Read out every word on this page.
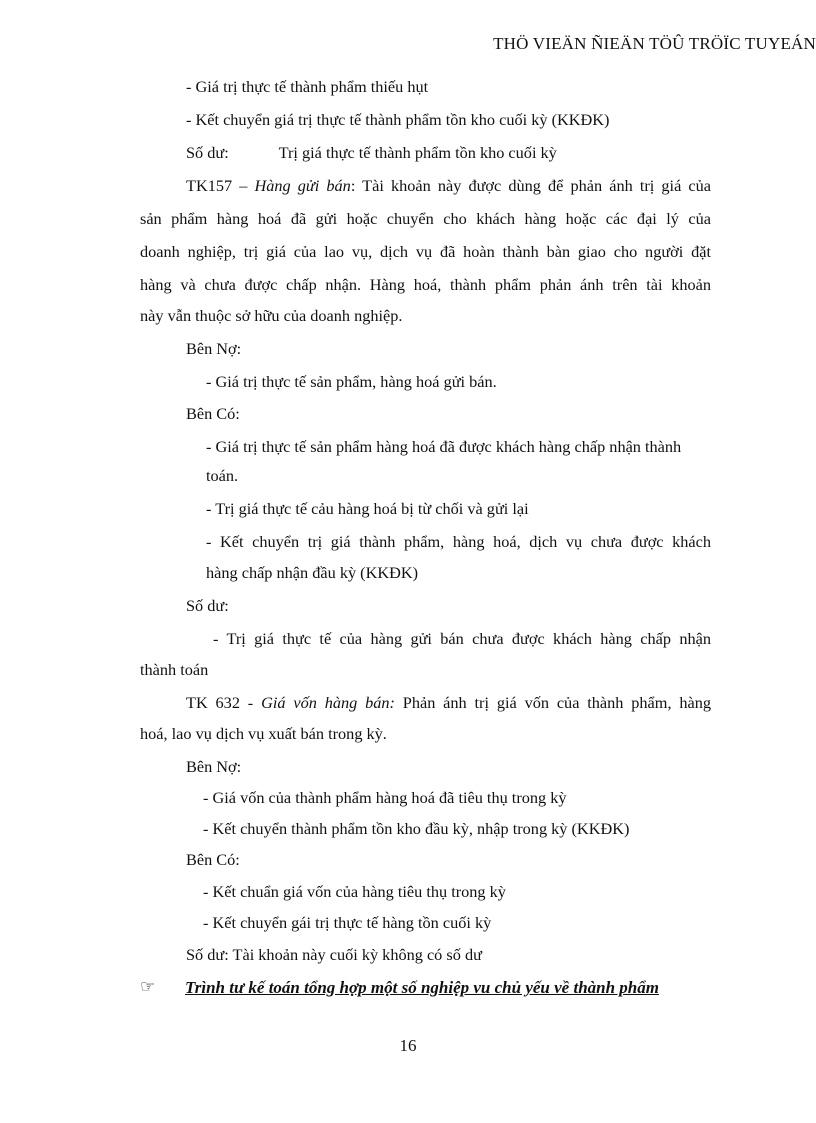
THÖ VIEÄN ÑIEÄN TÖÛ TRÖÏC TUYEÁN
- Giá trị thực tế thành phẩm thiếu hụt
- Kết chuyển giá trị thực tế thành phẩm tồn kho cuối kỳ (KKĐK)
Số dư:	Trị giá thực tế thành phẩm tồn kho cuối kỳ
TK157 – Hàng gửi bán: Tài khoản này được dùng để phản ánh trị giá của
sản phẩm hàng hoá đã gửi hoặc chuyển cho khách hàng hoặc các đại lý của
doanh nghiệp, trị giá của lao vụ, dịch vụ đã hoàn thành bàn giao cho người đặt
hàng và chưa được chấp nhận. Hàng hoá, thành phẩm phản ánh trên tài khoản
này vẫn thuộc sở hữu của doanh nghiệp.
Bên Nợ:
- Giá trị thực tế sản phẩm, hàng hoá gửi bán.
Bên Có:
- Giá trị thực tế sản phẩm hàng hoá đã được khách hàng chấp nhận thành
toán.
- Trị giá thực tế cảu hàng hoá bị từ chối và gửi lại
- Kết chuyển trị giá thành phẩm, hàng hoá, dịch vụ chưa được khách
hàng chấp nhận đầu kỳ (KKĐK)
Số dư:
- Trị giá thực tế của hàng gửi bán chưa được khách hàng chấp nhận
thành toán
TK 632 - Giá vốn hàng bán: Phản ánh trị giá vốn của thành phẩm, hàng
hoá, lao vụ dịch vụ xuất bán trong kỳ.
Bên Nợ:
- Giá vốn của thành phẩm hàng hoá đã tiêu thụ trong kỳ
- Kết chuyển thành phẩm tồn kho đầu kỳ, nhập trong kỳ (KKĐK)
Bên Có:
- Kết chuẩn giá vốn của hàng tiêu thụ trong kỳ
- Kết chuyển gái trị thực tế hàng tồn cuối kỳ
Số dư: Tài khoản này cuối kỳ không có số dư
☞ Trình tư kế toán tổng hợp một số nghiệp vu chủ yếu về thành phẩm
16
